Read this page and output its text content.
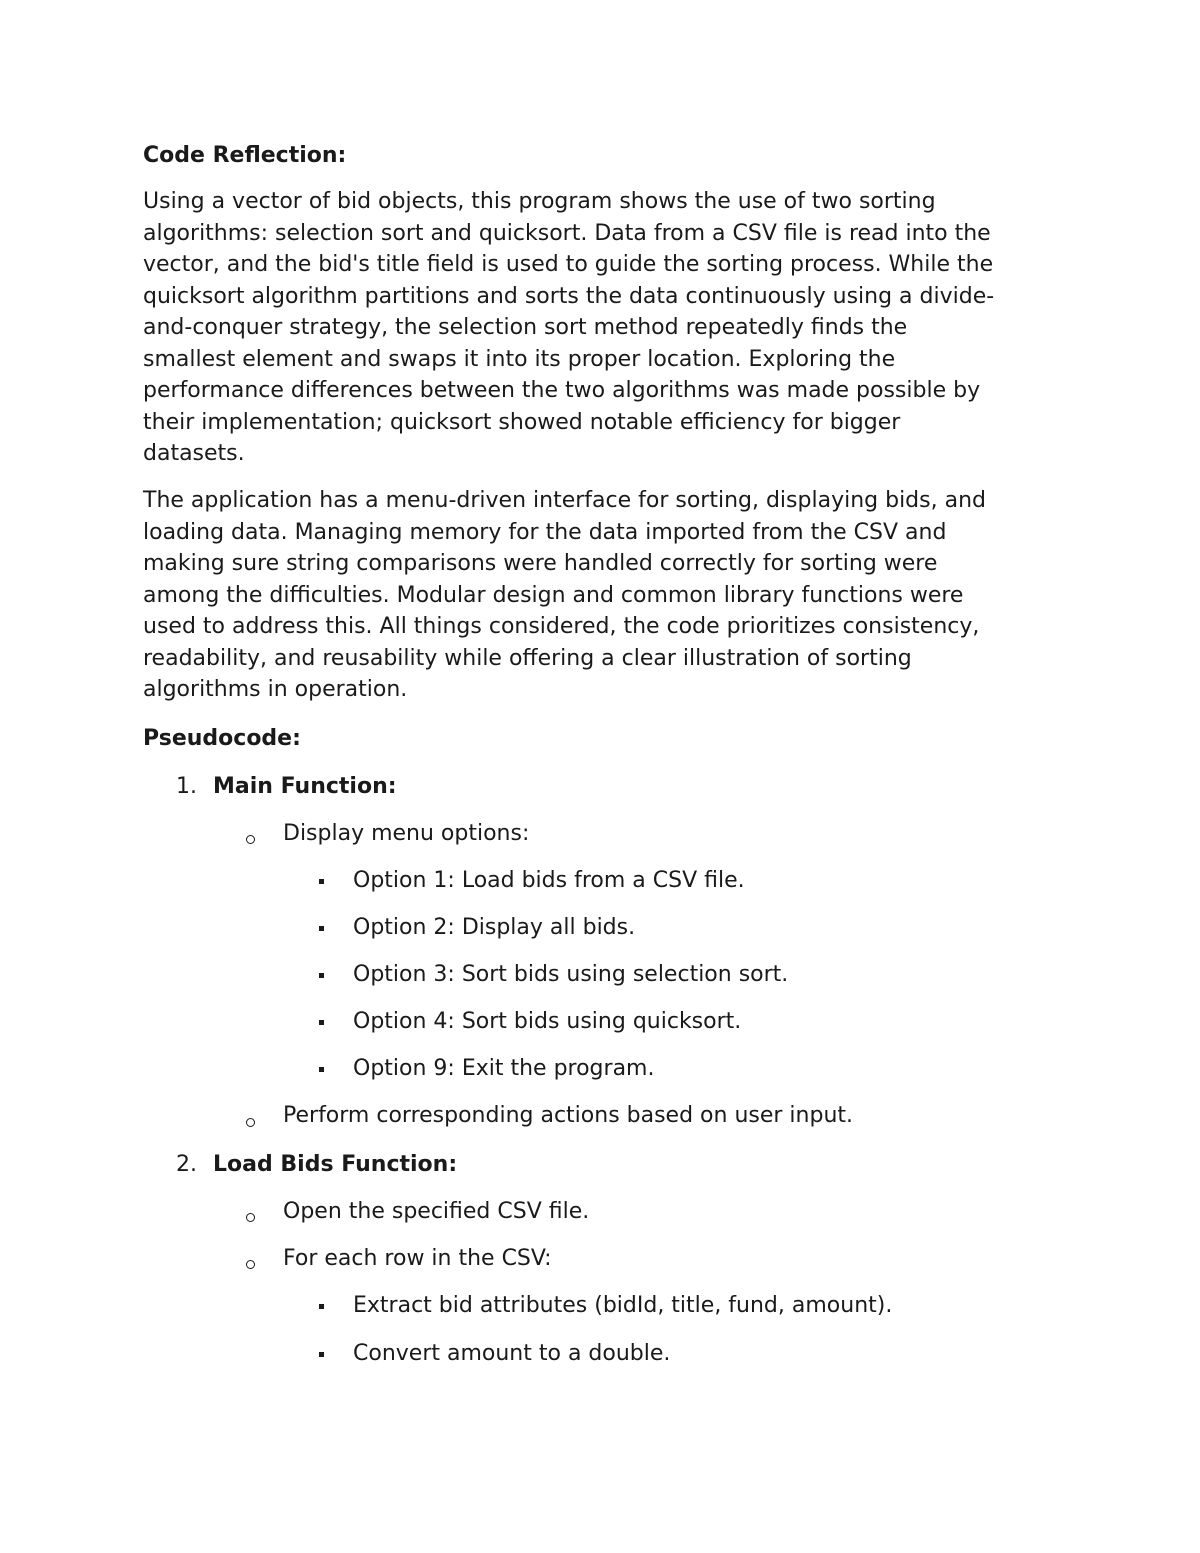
Code Reflection:
Using a vector of bid objects, this program shows the use of two sorting
algorithms: selection sort and quicksort. Data from a CSV file is read into the
vector, and the bid's title field is used to guide the sorting process. While the
quicksort algorithm partitions and sorts the data continuously using a divide-
and-conquer strategy, the selection sort method repeatedly finds the
smallest element and swaps it into its proper location. Exploring the
performance differences between the two algorithms was made possible by
their implementation; quicksort showed notable efficiency for bigger
datasets.
The application has a menu-driven interface for sorting, displaying bids, and
loading data. Managing memory for the data imported from the CSV and
making sure string comparisons were handled correctly for sorting were
among the difficulties. Modular design and common library functions were
used to address this. All things considered, the code prioritizes consistency,
readability, and reusability while offering a clear illustration of sorting
algorithms in operation.
Pseudocode:
1. Main Function:
Display menu options:
Option 1: Load bids from a CSV file.
Option 2: Display all bids.
Option 3: Sort bids using selection sort.
Option 4: Sort bids using quicksort.
Option 9: Exit the program.
Perform corresponding actions based on user input.
2. Load Bids Function:
Open the specified CSV file.
For each row in the CSV:
Extract bid attributes (bidId, title, fund, amount).
Convert amount to a double.
